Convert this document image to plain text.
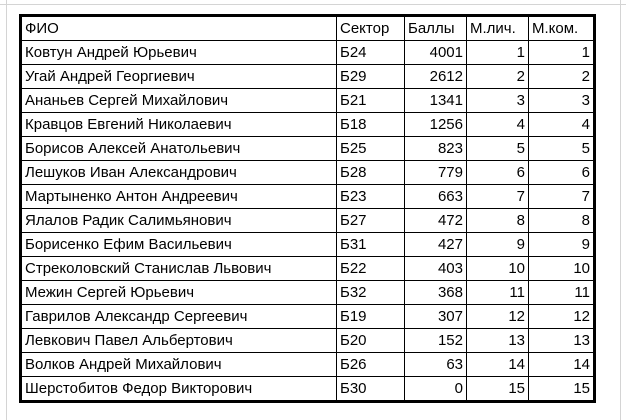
ФИО	Сектор	Баллы	М.лич.	М.ком.
Ковтун Андрей Юрьевич	Б24	4001	1	1
Угай Андрей Георгиевич	Б29	2612	2	2
Ананьев Сергей Михайлович	Б21	1341	3	3
Кравцов Евгений Николаевич	Б18	1256	4	4
Борисов Алексей Анатольевич	Б25	823	5	5
Лешуков Иван Александрович	Б28	779	6	6
Мартыненко Антон Андреевич	Б23	663	7	7
Ялалов Радик Салимьянович	Б27	472	8	8
Борисенко Ефим Васильевич	Б31	427	9	9
Стреколовский Станислав Львович	Б22	403	10	10
Межин Сергей Юрьевич	Б32	368	11	11
Гаврилов Александр Сергеевич	Б19	307	12	12
Левкович Павел Альбертович	Б20	152	13	13
Волков Андрей Михайлович	Б26	63	14	14
Шерстобитов Федор Викторович	Б30	0	15	15
